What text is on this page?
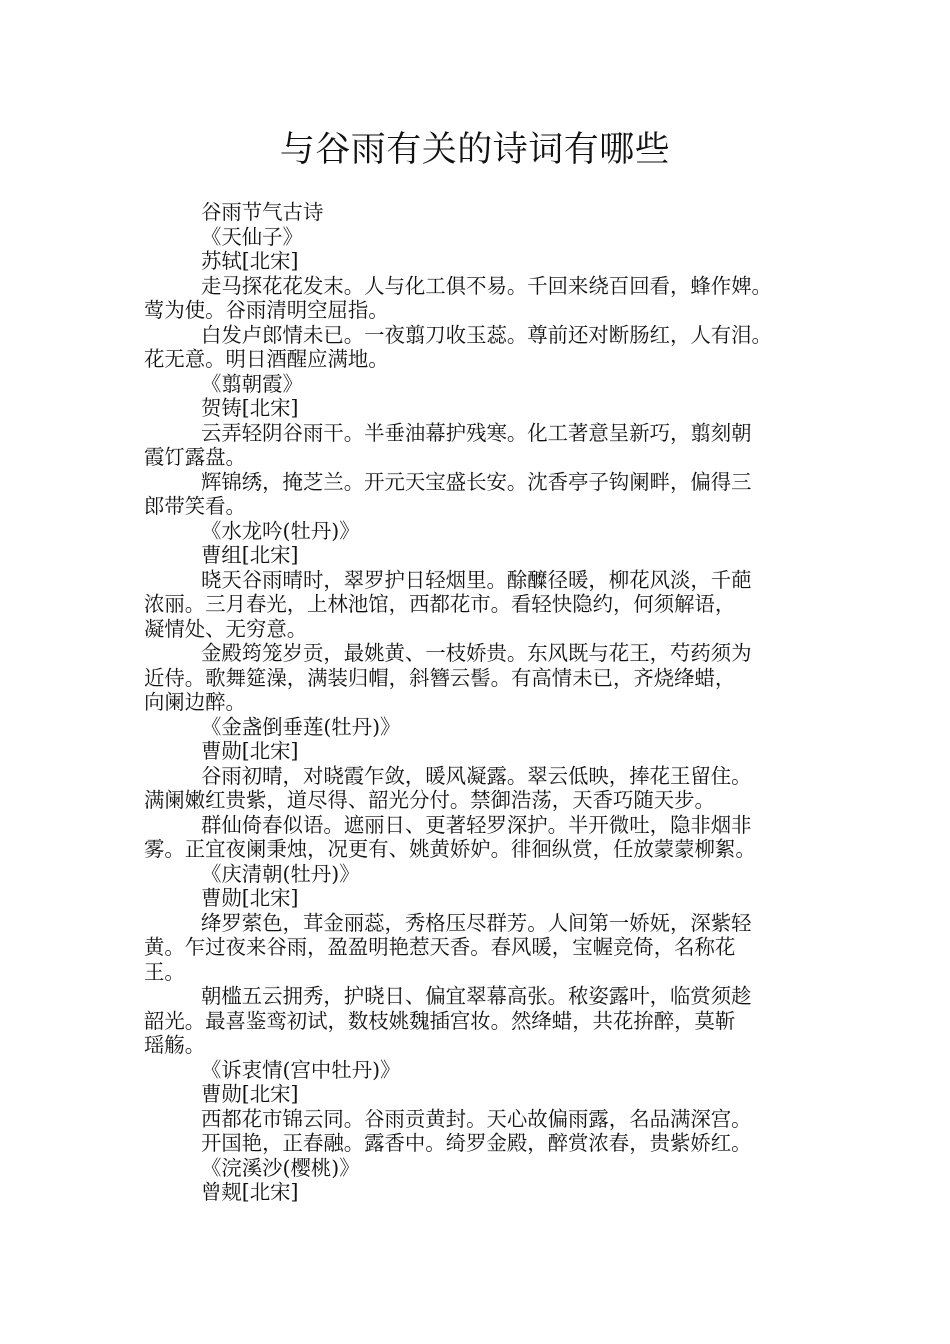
与谷雨有关的诗词有哪些
谷雨节气古诗
《天仙子》
苏轼[北宋]
走马探花花发末。人与化工俱不易。千回来绕百回看，蜂作婢。
莺为使。谷雨清明空屈指。
白发卢郎情未已。一夜翦刀收玉蕊。尊前还对断肠红，人有泪。
花无意。明日酒醒应满地。
《翦朝霞》
贺铸[北宋]
云弄轻阴谷雨干。半垂油幕护残寒。化工著意呈新巧，翦刻朝
霞饤露盘。
辉锦绣，掩芝兰。开元天宝盛长安。沈香亭子钩阑畔，偏得三
郎带笑看。
《水龙吟(牡丹)》
曹组[北宋]
晓天谷雨晴时，翠罗护日轻烟里。酴醾径暖，柳花风淡，千葩
浓丽。三月春光，上林池馆，西都花市。看轻快隐约，何须解语，
凝情处、无穷意。
金殿筠笼岁贡，最姚黄、一枝娇贵。东风既与花王，芍药须为
近侍。歌舞筵澡，满装归帽，斜簪云髻。有高情未已，齐烧绛蜡，
向阑边醉。
《金盏倒垂莲(牡丹)》
曹勋[北宋]
谷雨初晴，对晓霞乍敛，暖风凝露。翠云低映，捧花王留住。
满阑嫩红贵紫，道尽得、韶光分付。禁御浩荡，天香巧随天步。
群仙倚春似语。遮丽日、更著轻罗深护。半开微吐，隐非烟非
雾。正宜夜阑秉烛，况更有、姚黄娇妒。徘徊纵赏，任放蒙蒙柳絮。
《庆清朝(牡丹)》
曹勋[北宋]
绛罗萦色，茸金丽蕊，秀格压尽群芳。人间第一娇妩，深紫轻
黄。乍过夜来谷雨，盈盈明艳惹天香。春风暖，宝幄竞倚，名称花
王。
朝槛五云拥秀，护晓日、偏宜翠幕高张。秾姿露叶，临赏须趁
韶光。最喜鉴鸾初试，数枝姚魏插宫妆。然绛蜡，共花拚醉，莫靳
瑶觞。
《诉衷情(宫中牡丹)》
曹勋[北宋]
西都花市锦云同。谷雨贡黄封。天心故偏雨露，名品满深宫。
开国艳，正春融。露香中。绮罗金殿，醉赏浓春，贵紫娇红。
《浣溪沙(樱桃)》
曾觌[北宋]
